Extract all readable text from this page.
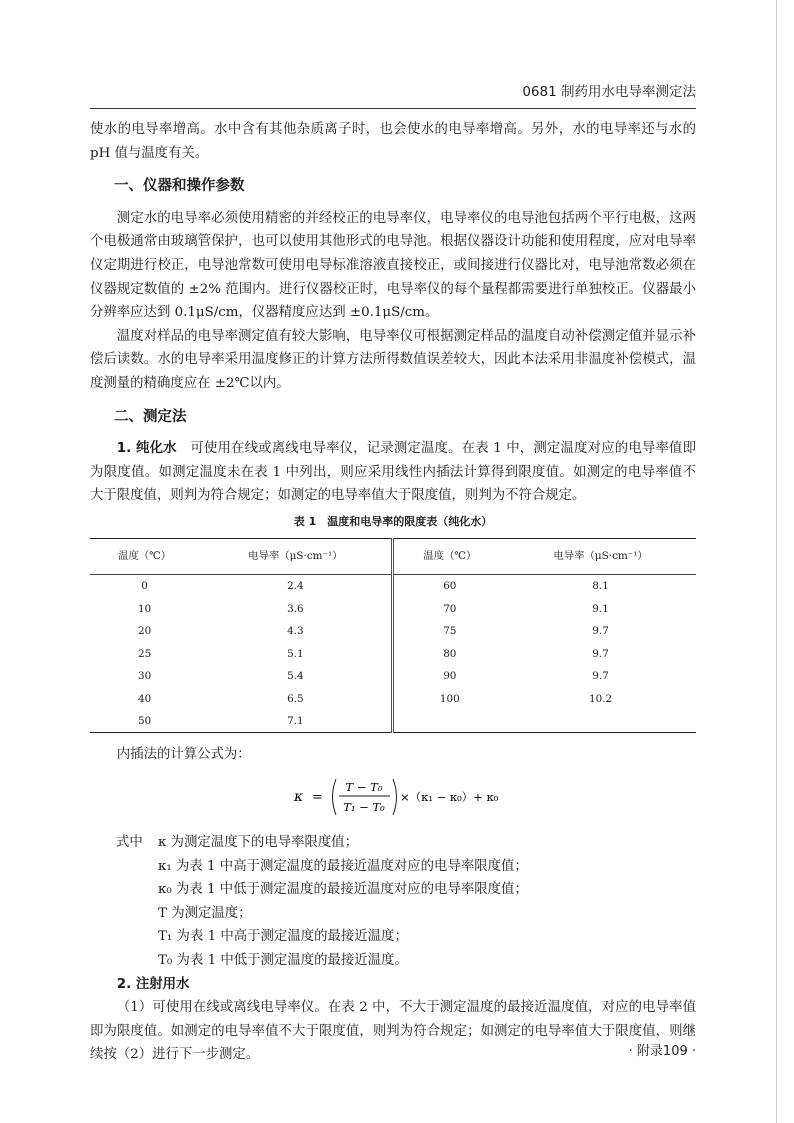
0681 制药用水电导率测定法

使水的电导率增高。水中含有其他杂质离子时，也会使水的电导率增高。另外，水的电导率还与水的 pH 值与温度有关。

一、仪器和操作参数

测定水的电导率必须使用精密的并经校正的电导率仪，电导率仪的电导池包括两个平行电极，这两个电极通常由玻璃管保护，也可以使用其他形式的电导池。根据仪器设计功能和使用程度，应对电导率仪定期进行校正，电导池常数可使用电导标准溶液直接校正，或间接进行仪器比对，电导池常数必须在仪器规定数值的 ±2% 范围内。进行仪器校正时，电导率仪的每个量程都需要进行单独校正。仪器最小分辨率应达到 0.1μS/cm，仪器精度应达到 ±0.1μS/cm。

温度对样品的电导率测定值有较大影响，电导率仪可根据测定样品的温度自动补偿测定值并显示补偿后读数。水的电导率采用温度修正的计算方法所得数值误差较大，因此本法采用非温度补偿模式，温度测量的精确度应在 ±2℃以内。

二、测定法

1. 纯化水　 可使用在线或离线电导率仪，记录测定温度。在表 1 中，测定温度对应的电导率值即为限度值。如测定温度未在表 1 中列出，则应采用线性内插法计算得到限度值。如测定的电导率值不大于限度值，则判为符合规定；如测定的电导率值大于限度值，则判为不符合规定。

表 1　温度和电导率的限度表（纯化水）
温度（℃）	电导率（μS·cm⁻¹）	温度（℃）	电导率（μS·cm⁻¹）
0	2.4	60	8.1
10	3.6	70	9.1
20	4.3	75	9.7
25	5.1	80	9.7
30	5.4	90	9.7
40	6.5	100	10.2
50	7.1		

内插法的计算公式为：

κ =
T − T₀
T₁ − T₀
×（κ₁ − κ₀）+ κ₀
式中	κ 为测定温度下的电导率限度值；
κ₁ 为表 1 中高于测定温度的最接近温度对应的电导率限度值；
κ₀ 为表 1 中低于测定温度的最接近温度对应的电导率限度值；
T 为测定温度；
T₁ 为表 1 中高于测定温度的最接近温度；
T₀ 为表 1 中低于测定温度的最接近温度。

2. 注射用水

（1）可使用在线或离线电导率仪。在表 2 中，不大于测定温度的最接近温度值，对应的电导率值即为限度值。如测定的电导率值不大于限度值，则判为符合规定；如测定的电导率值大于限度值，则继续按（2）进行下一步测定。	· 附录109 ·
